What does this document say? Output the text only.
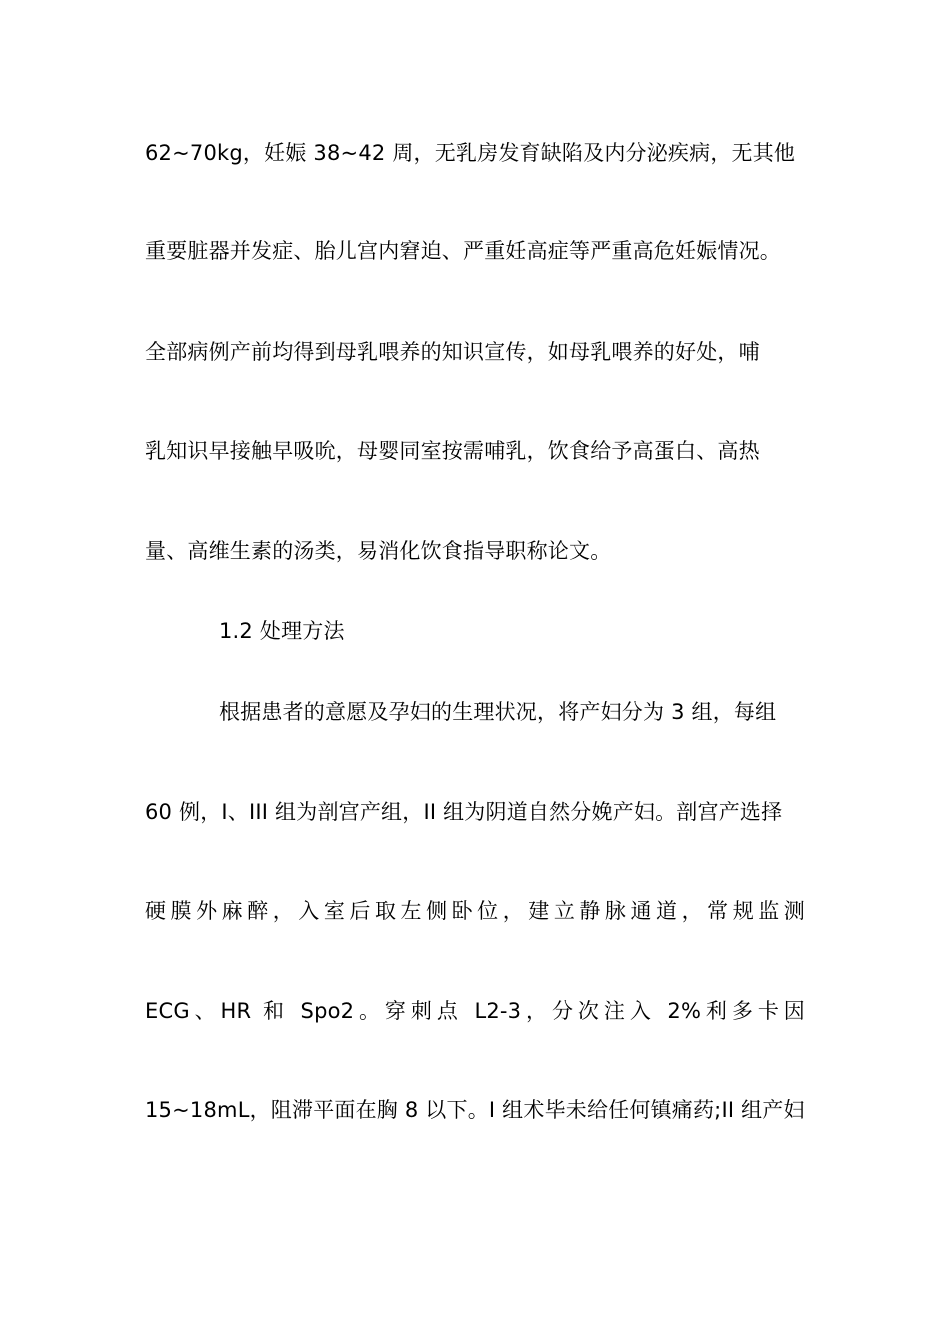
62~70kg，妊娠 38~42 周，无乳房发育缺陷及内分泌疾病，无其他
重要脏器并发症、胎儿宫内窘迫、严重妊高症等严重高危妊娠情况。
全部病例产前均得到母乳喂养的知识宣传，如母乳喂养的好处，哺
乳知识早接触早吸吮，母婴同室按需哺乳，饮食给予高蛋白、高热
量、高维生素的汤类，易消化饮食指导职称论文。
1.2 处理方法
根据患者的意愿及孕妇的生理状况，将产妇分为 3 组，每组
60 例，I、III 组为剖宫产组，II 组为阴道自然分娩产妇。剖宫产选择
硬膜外麻醉，入室后取左侧卧位，建立静脉通道，常规监测
ECG、HR 和 Spo2。穿刺点 L2-3，分次注入 2%利多卡因
15~18mL，阻滞平面在胸 8 以下。I 组术毕未给任何镇痛药;II 组产妇
